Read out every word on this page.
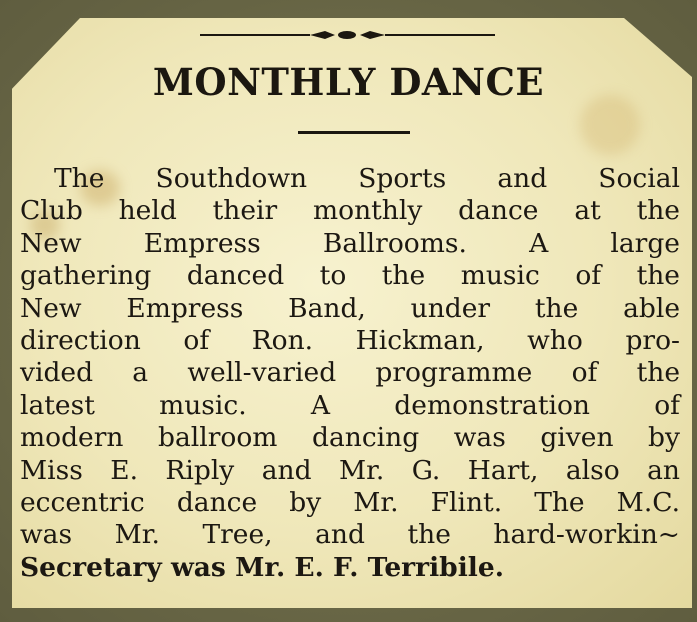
MONTHLY DANCE
The Southdown Sports and Social
Club held their monthly dance at the
New Empress Ballrooms. A large
gathering danced to the music of the
New Empress Band, under the able
direction of Ron. Hickman, who pro-
vided a well-varied programme of the
latest music. A demonstration of
modern ballroom dancing was given by
Miss E. Riply and Mr. G. Hart, also an
eccentric dance by Mr. Flint. The M.C.
was Mr. Tree, and the hard-workin~
Secretary was Mr. E. F. Terribile.
